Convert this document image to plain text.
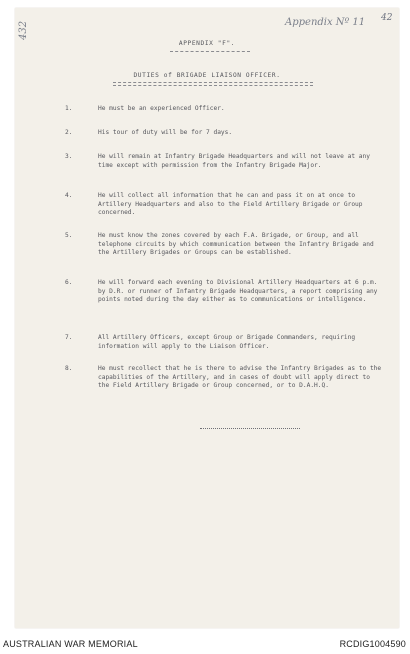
432	Appendix Nº 11 42
APPENDIX "F".
DUTIES of BRIGADE LIAISON OFFICER.
1.	He must be an experienced Officer.
2.	His tour of duty will be for 7 days.
3.	He will remain at Infantry Brigade Headquarters and will not leave at any time except with permission from the Infantry Brigade Major.
4.	He will collect all information that he can and pass it on at once to Artillery Headquarters and also to the Field Artillery Brigade or Group concerned.
5.	He must know the zones covered by each F.A. Brigade, or Group, and all telephone circuits by which communication between the Infantry Brigade and the Artillery Brigades or Groups can be established.
6.	He will forward each evening to Divisional Artillery Headquarters at 6 p.m. by D.R. or runner of Infantry Brigade Headquarters, a report comprising any points noted during the day either as to communications or intelligence.
7.	All Artillery Officers, except Group or Brigade Commanders, requiring information will apply to the Liaison Officer.
8.	He must recollect that he is there to advise the Infantry Brigades as to the capabilities of the Artillery, and in cases of doubt will apply direct to the Field Artillery Brigade or Group concerned, or to D.A.H.Q.
AUSTRALIAN WAR MEMORIAL	RCDIG1004590
